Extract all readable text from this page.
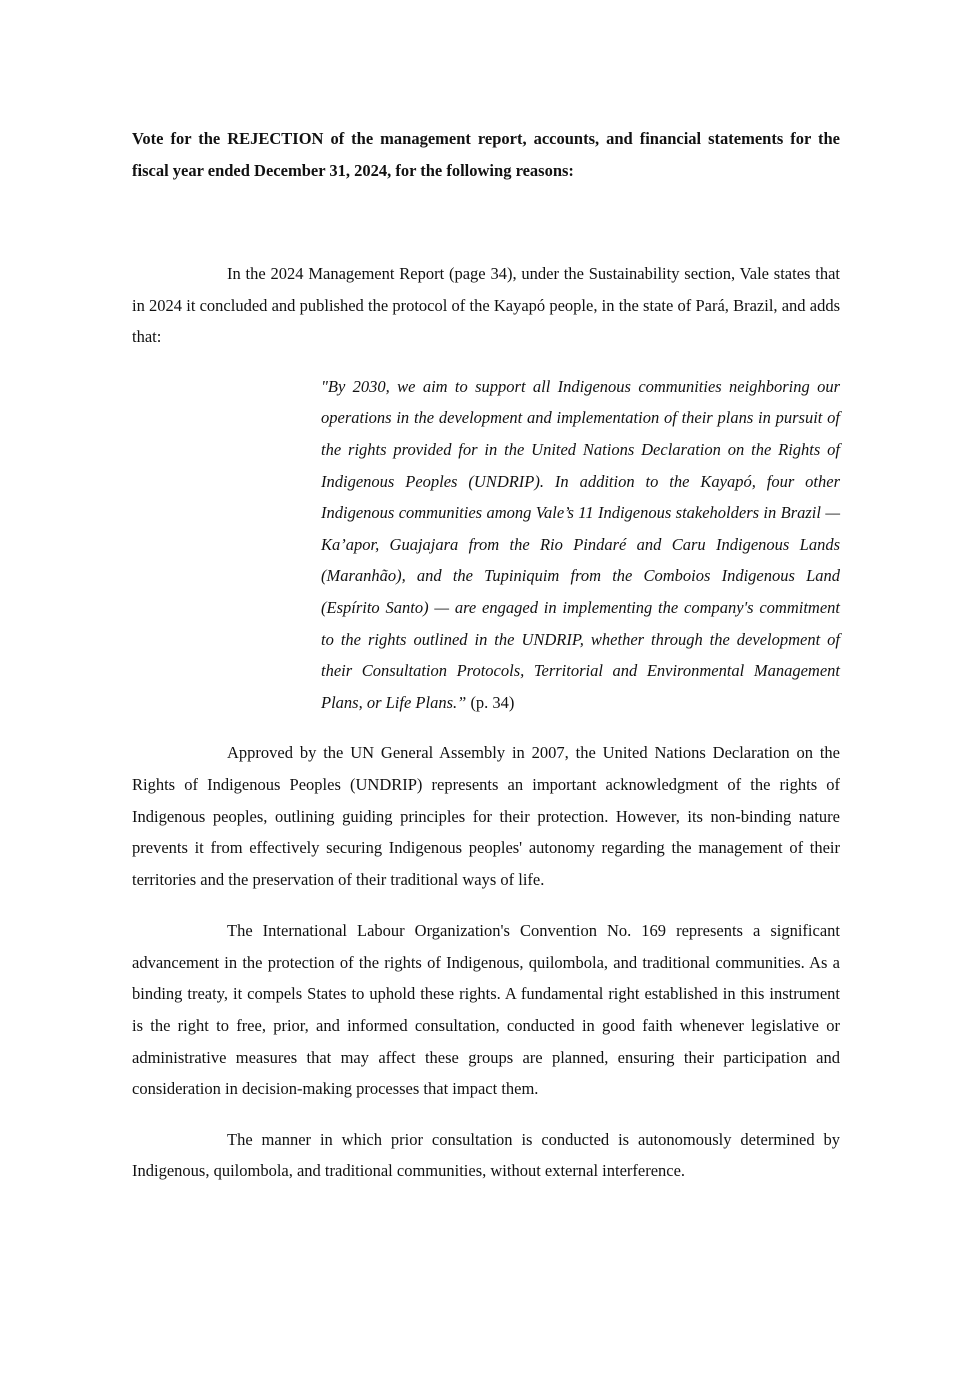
Vote for the REJECTION of the management report, accounts, and financial statements for the fiscal year ended December 31, 2024, for the following reasons:

In the 2024 Management Report (page 34), under the Sustainability section, Vale states that in 2024 it concluded and published the protocol of the Kayapó people, in the state of Pará, Brazil, and adds that:

"By 2030, we aim to support all Indigenous communities neighboring our operations in the development and implementation of their plans in pursuit of the rights provided for in the United Nations Declaration on the Rights of Indigenous Peoples (UNDRIP). In addition to the Kayapó, four other Indigenous communities among Vale’s 11 Indigenous stakeholders in Brazil — Ka’apor, Guajajara from the Rio Pindaré and Caru Indigenous Lands (Maranhão), and the Tupiniquim from the Comboios Indigenous Land (Espírito Santo) — are engaged in implementing the company's commitment to the rights outlined in the UNDRIP, whether through the development of their Consultation Protocols, Territorial and Environmental Management Plans, or Life Plans.” (p. 34)

Approved by the UN General Assembly in 2007, the United Nations Declaration on the Rights of Indigenous Peoples (UNDRIP) represents an important acknowledgment of the rights of Indigenous peoples, outlining guiding principles for their protection. However, its non-binding nature prevents it from effectively securing Indigenous peoples' autonomy regarding the management of their territories and the preservation of their traditional ways of life.

The International Labour Organization's Convention No. 169 represents a significant advancement in the protection of the rights of Indigenous, quilombola, and traditional communities. As a binding treaty, it compels States to uphold these rights. A fundamental right established in this instrument is the right to free, prior, and informed consultation, conducted in good faith whenever legislative or administrative measures that may affect these groups are planned, ensuring their participation and consideration in decision-making processes that impact them.

The manner in which prior consultation is conducted is autonomously determined by Indigenous, quilombola, and traditional communities, without external interference.
